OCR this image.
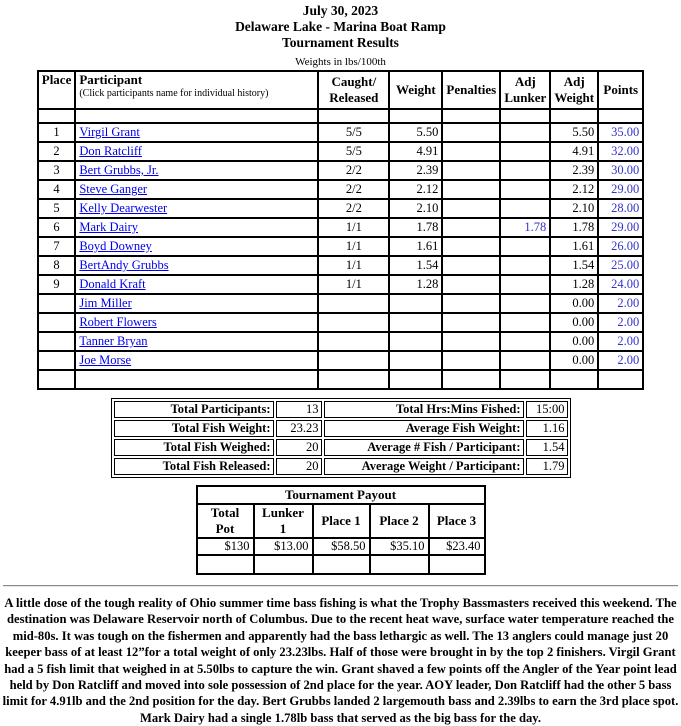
July 30, 2023
Delaware Lake - Marina Boat Ramp
Tournament Results
Weights in lbs/100th
Place	Participant
(Click participants name for individual history)

Caught/
Released
	Weight	Penalties	
Adj
Lunker

Adj
Weight
	Points

1	Virgil Grant	5/5	5.50			5.50	35.00
2	Don Ratcliff	5/5	4.91			4.91	32.00
3	Bert Grubbs, Jr.	2/2	2.39			2.39	30.00
4	Steve Ganger	2/2	2.12			2.12	29.00
5	Kelly Dearwester	2/2	2.10			2.10	28.00
6	Mark Dairy	1/1	1.78		1.78	1.78	29.00
7	Boyd Downey	1/1	1.61			1.61	26.00
8	BertAndy Grubbs	1/1	1.54			1.54	25.00
9	Donald Kraft	1/1	1.28			1.28	24.00
	Jim Miller					0.00	2.00
	Robert Flowers					0.00	2.00
	Tanner Bryan					0.00	2.00
	Joe Morse					0.00	2.00

Total Participants:	13	Total Hrs:Mins Fished:	15:00
Total Fish Weight:	23.23	Average Fish Weight:	1.16
Total Fish Weighed:	20	Average # Fish / Participant:	1.54
Total Fish Released:	20	Average Weight / Participant:	1.79
Tournament Payout				
Total Pot	Lunker 1	Place 1	Place 2	Place 3
$130	$13.00	$58.50	$35.10	$23.40

A little dose of the tough reality of Ohio summer time bass fishing is what the Trophy Bassmasters received this weekend. The destination was Delaware Reservoir north of Columbus. Due to the recent heat wave, surface water temperature reached the mid-80s. It was tough on the fishermen and apparently had the bass lethargic as well. The 13 anglers could manage just 20 keeper bass of at least 12”for a total weight of only 23.23lbs. Half of those were brought in by the top 2 finishers. Virgil Grant had a 5 fish limit that weighed in at 5.50lbs to capture the win. Grant shaved a few points off the Angler of the Year point lead held by Don Ratcliff and moved into sole possession of 2nd place for the year. AOY leader, Don Ratcliff had the other 5 bass limit for 4.91lb and the 2nd position for the day. Bert Grubbs landed 2 largemouth bass and 2.39lbs to earn the 3rd place spot. Mark Dairy had a single 1.78lb bass that served as the big bass for the day.
